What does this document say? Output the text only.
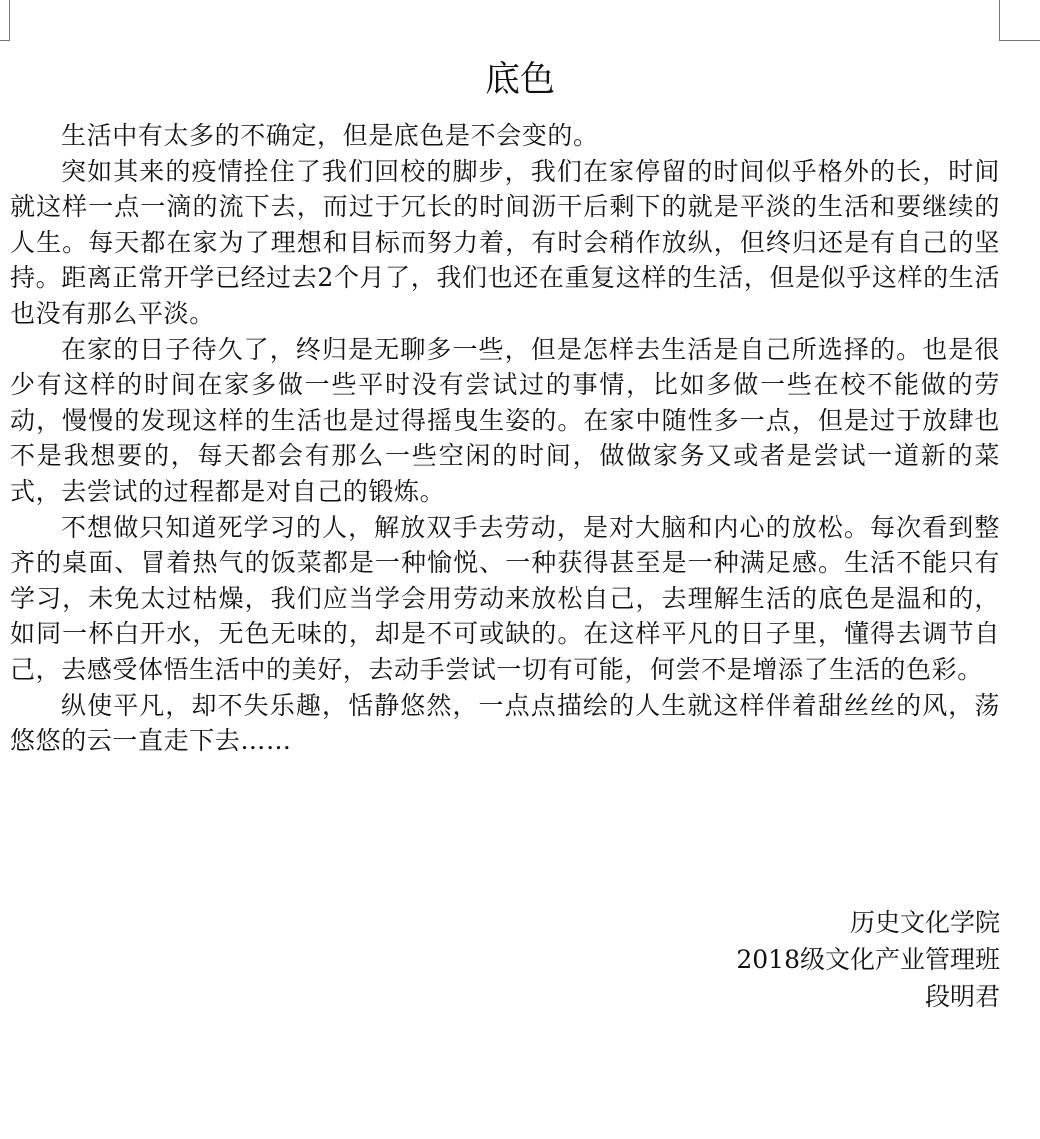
底色

生活中有太多的不确定，但是底色是不会变的。

突如其来的疫情拴住了我们回校的脚步，我们在家停留的时间似乎格外的长，时间就这样一点一滴的流下去，而过于冗长的时间沥干后剩下的就是平淡的生活和要继续的人生。每天都在家为了理想和目标而努力着，有时会稍作放纵，但终归还是有自己的坚持。距离正常开学已经过去2个月了，我们也还在重复这样的生活，但是似乎这样的生活也没有那么平淡。

在家的日子待久了，终归是无聊多一些，但是怎样去生活是自己所选择的。也是很少有这样的时间在家多做一些平时没有尝试过的事情，比如多做一些在校不能做的劳动，慢慢的发现这样的生活也是过得摇曳生姿的。在家中随性多一点，但是过于放肆也不是我想要的，每天都会有那么一些空闲的时间，做做家务又或者是尝试一道新的菜式，去尝试的过程都是对自己的锻炼。

不想做只知道死学习的人，解放双手去劳动，是对大脑和内心的放松。每次看到整齐的桌面、冒着热气的饭菜都是一种愉悦、一种获得甚至是一种满足感。生活不能只有学习，未免太过枯燥，我们应当学会用劳动来放松自己，去理解生活的底色是温和的，如同一杯白开水，无色无味的，却是不可或缺的。在这样平凡的日子里，懂得去调节自己，去感受体悟生活中的美好，去动手尝试一切有可能，何尝不是增添了生活的色彩。

纵使平凡，却不失乐趣，恬静悠然，一点点描绘的人生就这样伴着甜丝丝的风，荡悠悠的云一直走下去……

历史文化学院
2018级文化产业管理班
段明君
